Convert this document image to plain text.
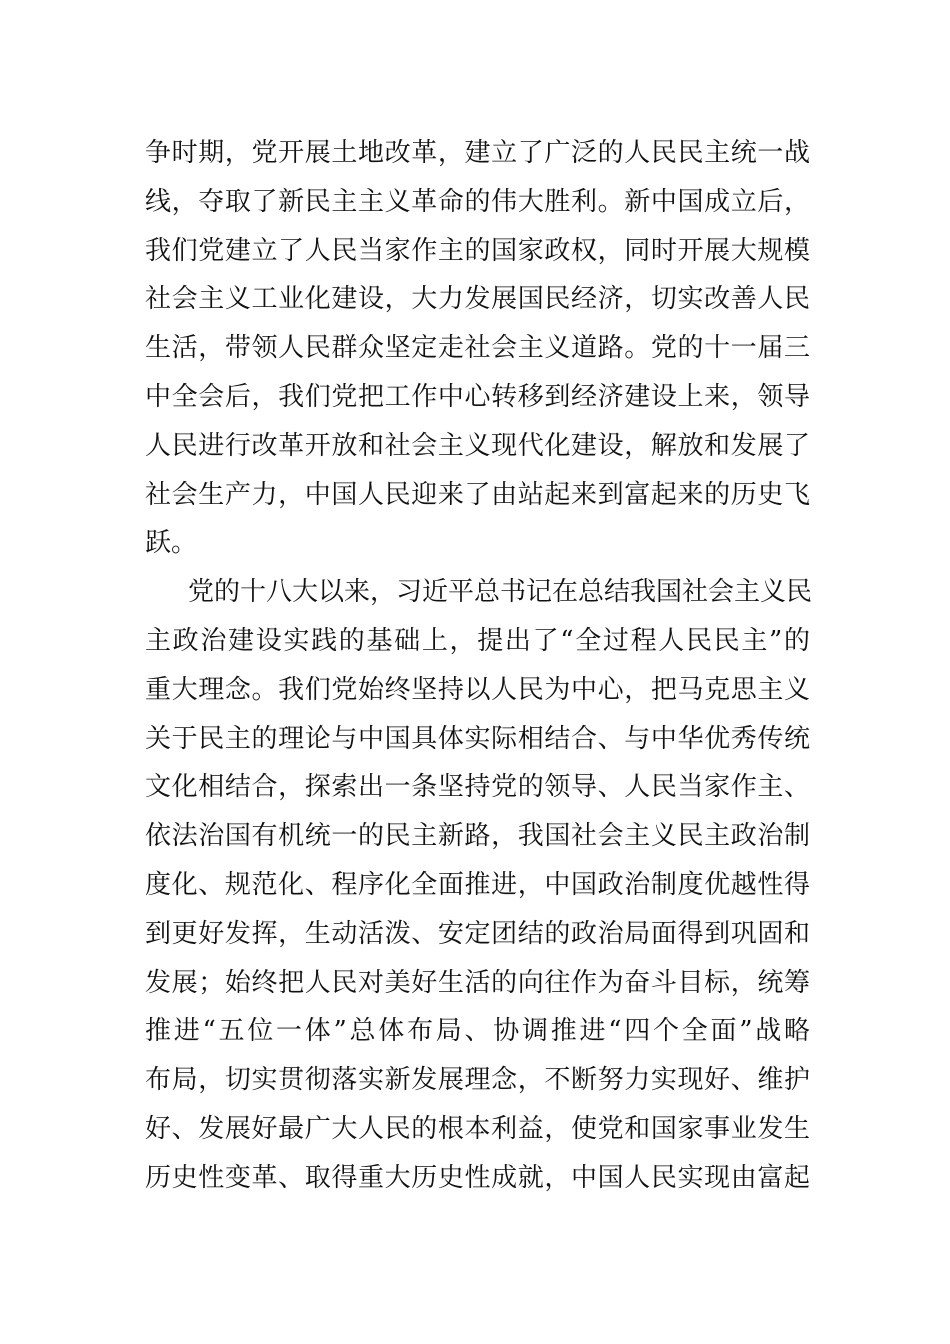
争时期，党开展土地改革，建立了广泛的人民民主统一战
线，夺取了新民主主义革命的伟大胜利。新中国成立后，
我们党建立了人民当家作主的国家政权，同时开展大规模
社会主义工业化建设，大力发展国民经济，切实改善人民
生活，带领人民群众坚定走社会主义道路。党的十一届三
中全会后，我们党把工作中心转移到经济建设上来，领导
人民进行改革开放和社会主义现代化建设，解放和发展了
社会生产力，中国人民迎来了由站起来到富起来的历史飞
跃。
党的十八大以来，习近平总书记在总结我国社会主义民
主政治建设实践的基础上，提出了“全过程人民民主”的
重大理念。我们党始终坚持以人民为中心，把马克思主义
关于民主的理论与中国具体实际相结合、与中华优秀传统
文化相结合，探索出一条坚持党的领导、人民当家作主、
依法治国有机统一的民主新路，我国社会主义民主政治制
度化、规范化、程序化全面推进，中国政治制度优越性得
到更好发挥，生动活泼、安定团结的政治局面得到巩固和
发展；始终把人民对美好生活的向往作为奋斗目标，统筹
推进“五位一体”总体布局、协调推进“四个全面”战略
布局，切实贯彻落实新发展理念，不断努力实现好、维护
好、发展好最广大人民的根本利益，使党和国家事业发生
历史性变革、取得重大历史性成就，中国人民实现由富起
